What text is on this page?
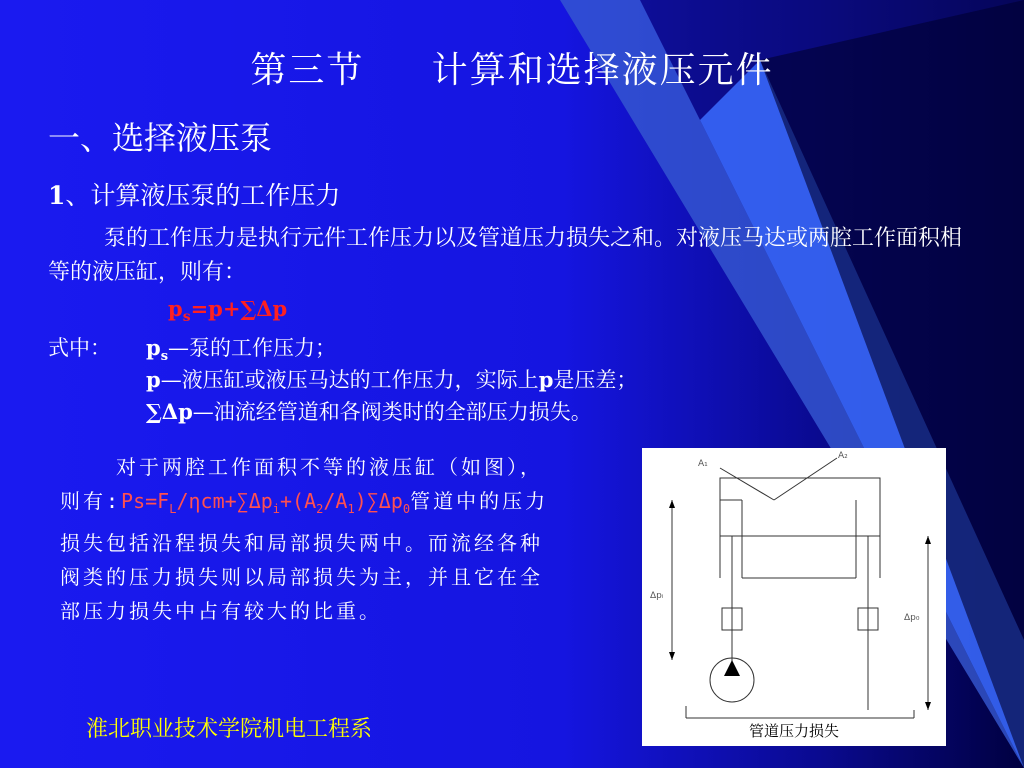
第三节     计算和选择液压元件
一、选择液压泵
1、计算液压泵的工作压力
泵的工作压力是执行元件工作压力以及管道压力损失之和。对液压马达或两腔工作面积相等的液压缸，则有：
$p_s=p+\sum\Delta p$
式中： $p_s—$泵的工作压力；
p—液压缸或液压马达的工作压力，实际上p是压差；
∑Δp—油流经管道和各阀类时的全部压力损失。
对于两腔工作面积不等的液压缸（如图），则有$:Ps=F_L/\eta cm+\sum\Delta p_i+(A_2/A_1)\sum\Delta p_0$管道中的压力损失包括沿程损失和局部损失两中。而流经各种阀类的压力损失则以局部损失为主，并且它在全部压力损失中占有较大的比重。
淮北职业技术学院机电工程系
A₁
A₂
Δpᵢ
Δp₀
管道压力损失
